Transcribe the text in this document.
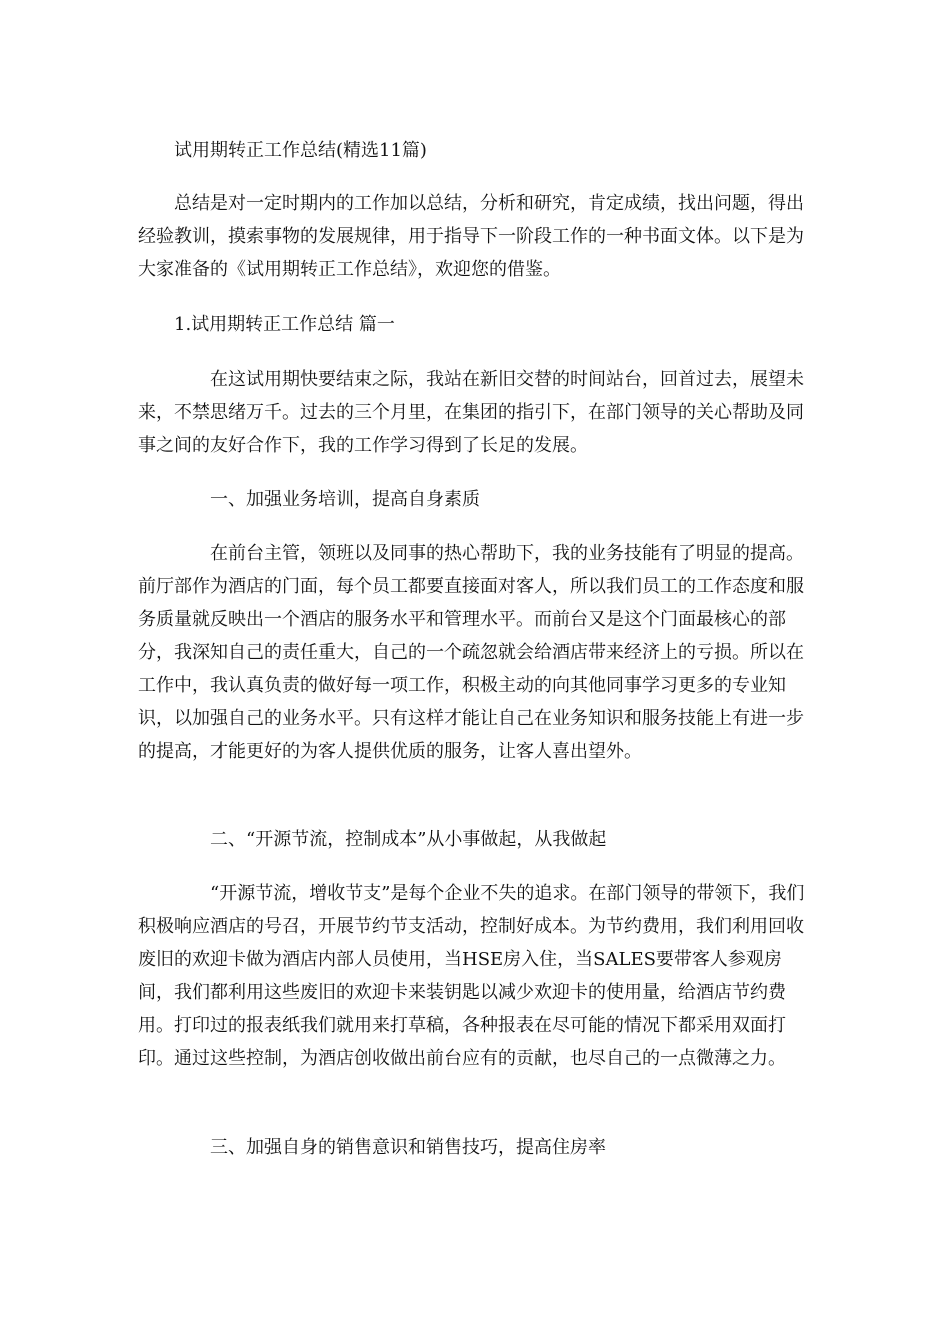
试用期转正工作总结(精选11篇)
总结是对一定时期内的工作加以总结，分析和研究，肯定成绩，找出问题，得出经验教训，摸索事物的发展规律，用于指导下一阶段工作的一种书面文体。以下是为大家准备的《试用期转正工作总结》，欢迎您的借鉴。
1.试用期转正工作总结 篇一
在这试用期快要结束之际，我站在新旧交替的时间站台，回首过去，展望未来，不禁思绪万千。过去的三个月里，在集团的指引下，在部门领导的关心帮助及同事之间的友好合作下，我的工作学习得到了长足的发展。
一、加强业务培训，提高自身素质
在前台主管，领班以及同事的热心帮助下，我的业务技能有了明显的提高。前厅部作为酒店的门面，每个员工都要直接面对客人，所以我们员工的工作态度和服务质量就反映出一个酒店的服务水平和管理水平。而前台又是这个门面最核心的部分，我深知自己的责任重大，自己的一个疏忽就会给酒店带来经济上的亏损。所以在工作中，我认真负责的做好每一项工作，积极主动的向其他同事学习更多的专业知识，以加强自己的业务水平。只有这样才能让自己在业务知识和服务技能上有进一步的提高，才能更好的为客人提供优质的服务，让客人喜出望外。
二、“开源节流，控制成本”从小事做起，从我做起
“开源节流，增收节支”是每个企业不失的追求。在部门领导的带领下，我们积极响应酒店的号召，开展节约节支活动，控制好成本。为节约费用，我们利用回收废旧的欢迎卡做为酒店内部人员使用，当HSE房入住，当SALES要带客人参观房间，我们都利用这些废旧的欢迎卡来装钥匙以减少欢迎卡的使用量，给酒店节约费用。打印过的报表纸我们就用来打草稿，各种报表在尽可能的情况下都采用双面打印。通过这些控制，为酒店创收做出前台应有的贡献，也尽自己的一点微薄之力。
三、加强自身的销售意识和销售技巧，提高住房率
